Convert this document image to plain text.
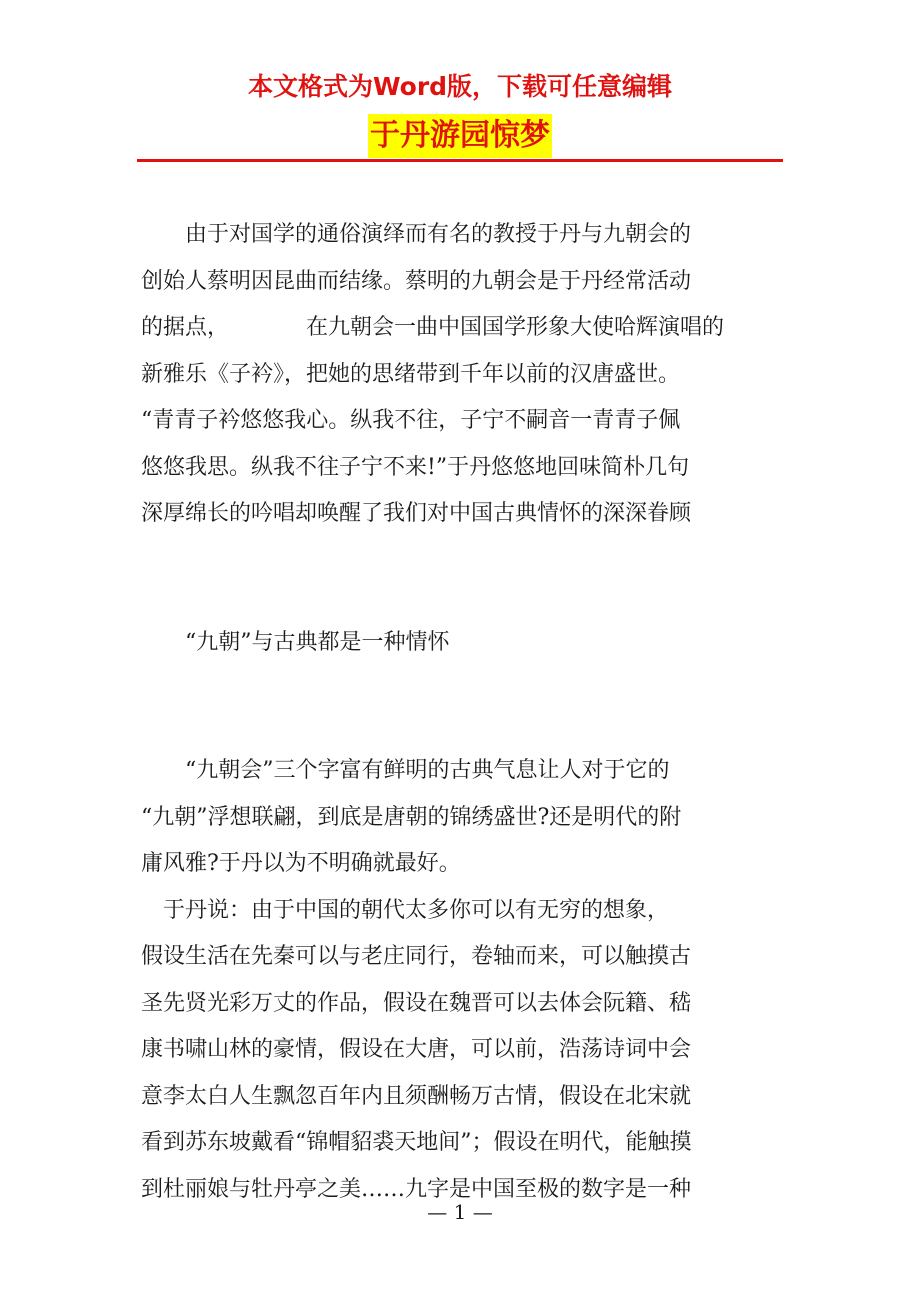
本文格式为Word版，下载可任意编辑
于丹游园惊梦
　　由于对国学的通俗演绎而有名的教授于丹与九朝会的
创始人蔡明因昆曲而结缘。蔡明的九朝会是于丹经常活动
的据点，　　　　在九朝会一曲中国国学形象大使哈辉演唱的
新雅乐《子衿》，把她的思绪带到千年以前的汉唐盛世。
“青青子衿悠悠我心。纵我不往，子宁不嗣音一青青子佩
悠悠我思。纵我不往子宁不来!”于丹悠悠地回味简朴几句
深厚绵长的吟唱却唤醒了我们对中国古典情怀的深深眷顾
　　“九朝”与古典都是一种情怀
　　“九朝会”三个字富有鲜明的古典气息让人对于它的
“九朝”浮想联翩，到底是唐朝的锦绣盛世?还是明代的附
庸风雅?于丹以为不明确就最好。
　于丹说：由于中国的朝代太多你可以有无穷的想象，
假设生活在先秦可以与老庄同行，卷轴而来，可以触摸古
圣先贤光彩万丈的作品，假设在魏晋可以去体会阮籍、嵇
康书啸山林的豪情，假设在大唐，可以前，浩荡诗词中会
意李太白人生飘忽百年内且须酬畅万古情，假设在北宋就
看到苏东坡戴看“锦帽貂裘天地间”；假设在明代，能触摸
到杜丽娘与牡丹亭之美……九字是中国至极的数字是一种
— 1 —
